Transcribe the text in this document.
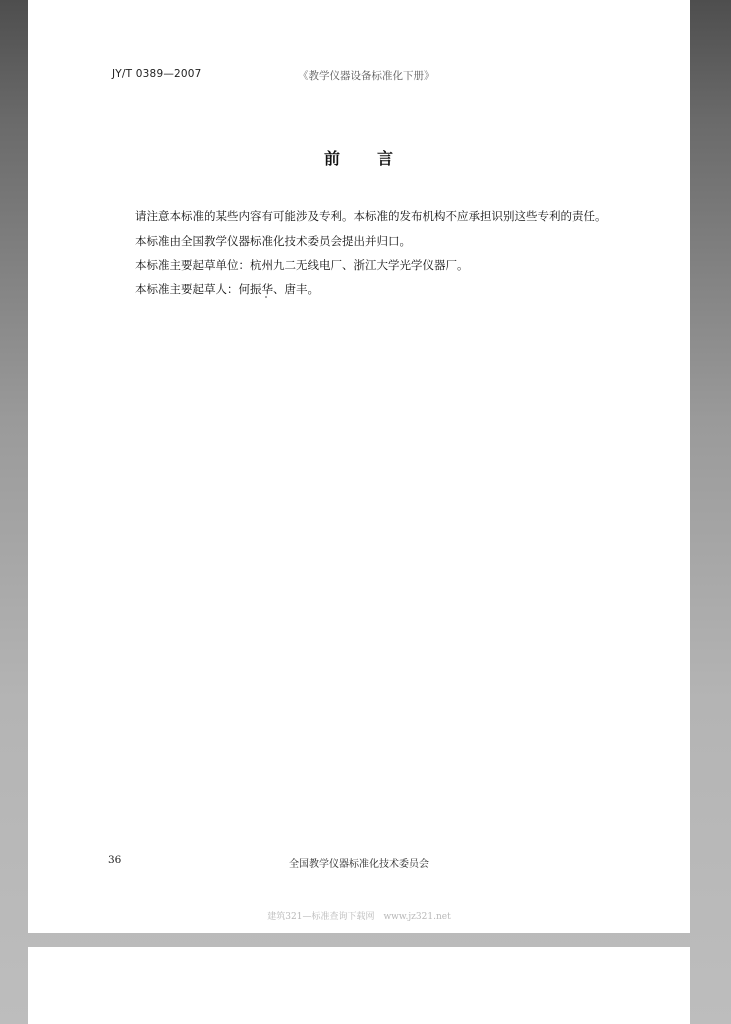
JY/T 0389—2007	《教学仪器设备标准化下册》
前 言
请注意本标准的某些内容有可能涉及专利。本标准的发布机构不应承担识别这些专利的责任。
本标准由全国教学仪器标准化技术委员会提出并归口。
本标准主要起草单位：杭州九二无线电厂、浙江大学光学仪器厂。
本标准主要起草人：何振华、唐丰。
36	全国教学仪器标准化技术委员会
建筑321—标准查询下载网　www.jz321.net
